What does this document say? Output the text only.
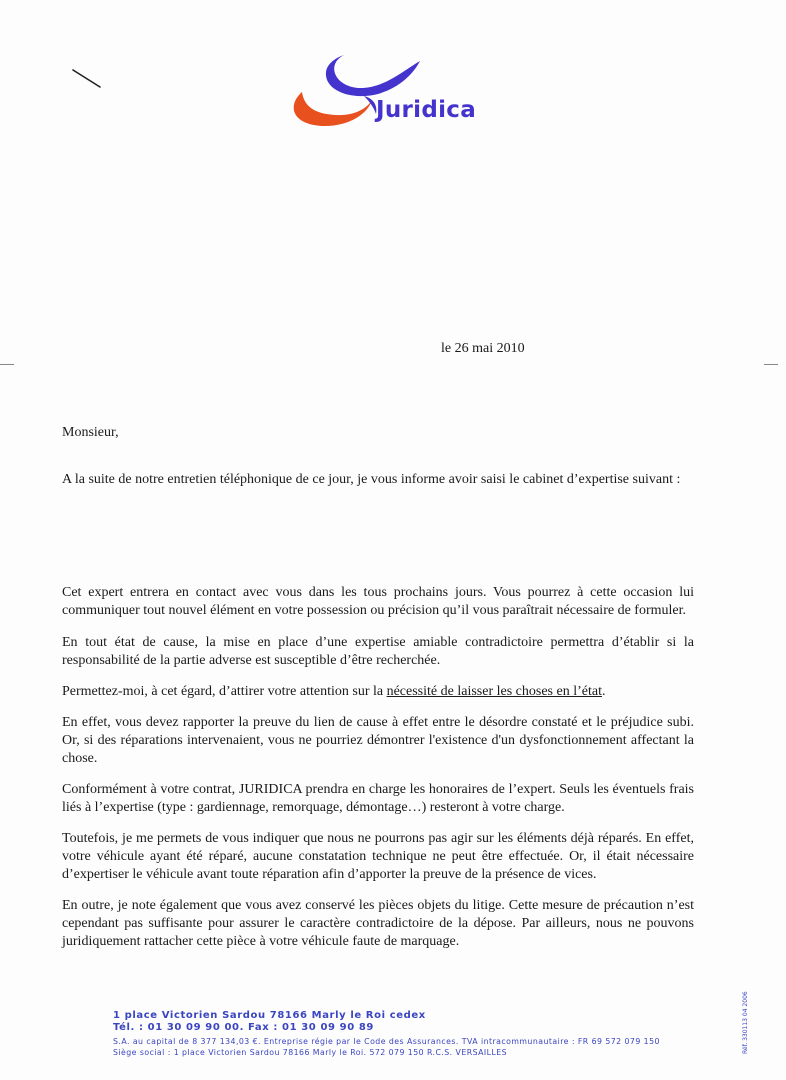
Juridica
le 26 mai 2010
Monsieur,
A la suite de notre entretien téléphonique de ce jour, je vous informe avoir saisi le cabinet d’expertise suivant :
Cet expert entrera en contact avec vous dans les tous prochains jours. Vous pourrez à cette occasion lui communiquer tout nouvel élément en votre possession ou précision qu’il vous paraîtrait nécessaire de formuler.
En tout état de cause, la mise en place d’une expertise amiable contradictoire permettra d’établir si la responsabilité de la partie adverse est susceptible d’être recherchée.
Permettez-moi, à cet égard, d’attirer votre attention sur la nécessité de laisser les choses en l’état.
En effet, vous devez rapporter la preuve du lien de cause à effet entre le désordre constaté et le préjudice subi. Or, si des réparations intervenaient, vous ne pourriez démontrer l'existence d'un dysfonctionnement affectant la chose.
Conformément à votre contrat, JURIDICA prendra en charge les honoraires de l’expert. Seuls les éventuels frais liés à l’expertise (type : gardiennage, remorquage, démontage…) resteront à votre charge.
Toutefois, je me permets de vous indiquer que nous ne pourrons pas agir sur les éléments déjà réparés. En effet, votre véhicule ayant été réparé, aucune constatation technique ne peut être effectuée. Or, il était nécessaire d’expertiser le véhicule avant toute réparation afin d’apporter la preuve de la présence de vices.
En outre, je note également que vous avez conservé les pièces objets du litige. Cette mesure de précaution n’est cependant pas suffisante pour assurer le caractère contradictoire de la dépose. Par ailleurs, nous ne pouvons juridiquement rattacher cette pièce à votre véhicule faute de marquage.
1 place Victorien Sardou 78166 Marly le Roi cedex
Tél. : 01 30 09 90 00. Fax : 01 30 09 90 89
S.A. au capital de 8 377 134,03 €. Entreprise régie par le Code des Assurances. TVA intracommunautaire : FR 69 572 079 150
Siège social : 1 place Victorien Sardou 78166 Marly le Roi. 572 079 150 R.C.S. VERSAILLES	Réf. 330113 04 2006
